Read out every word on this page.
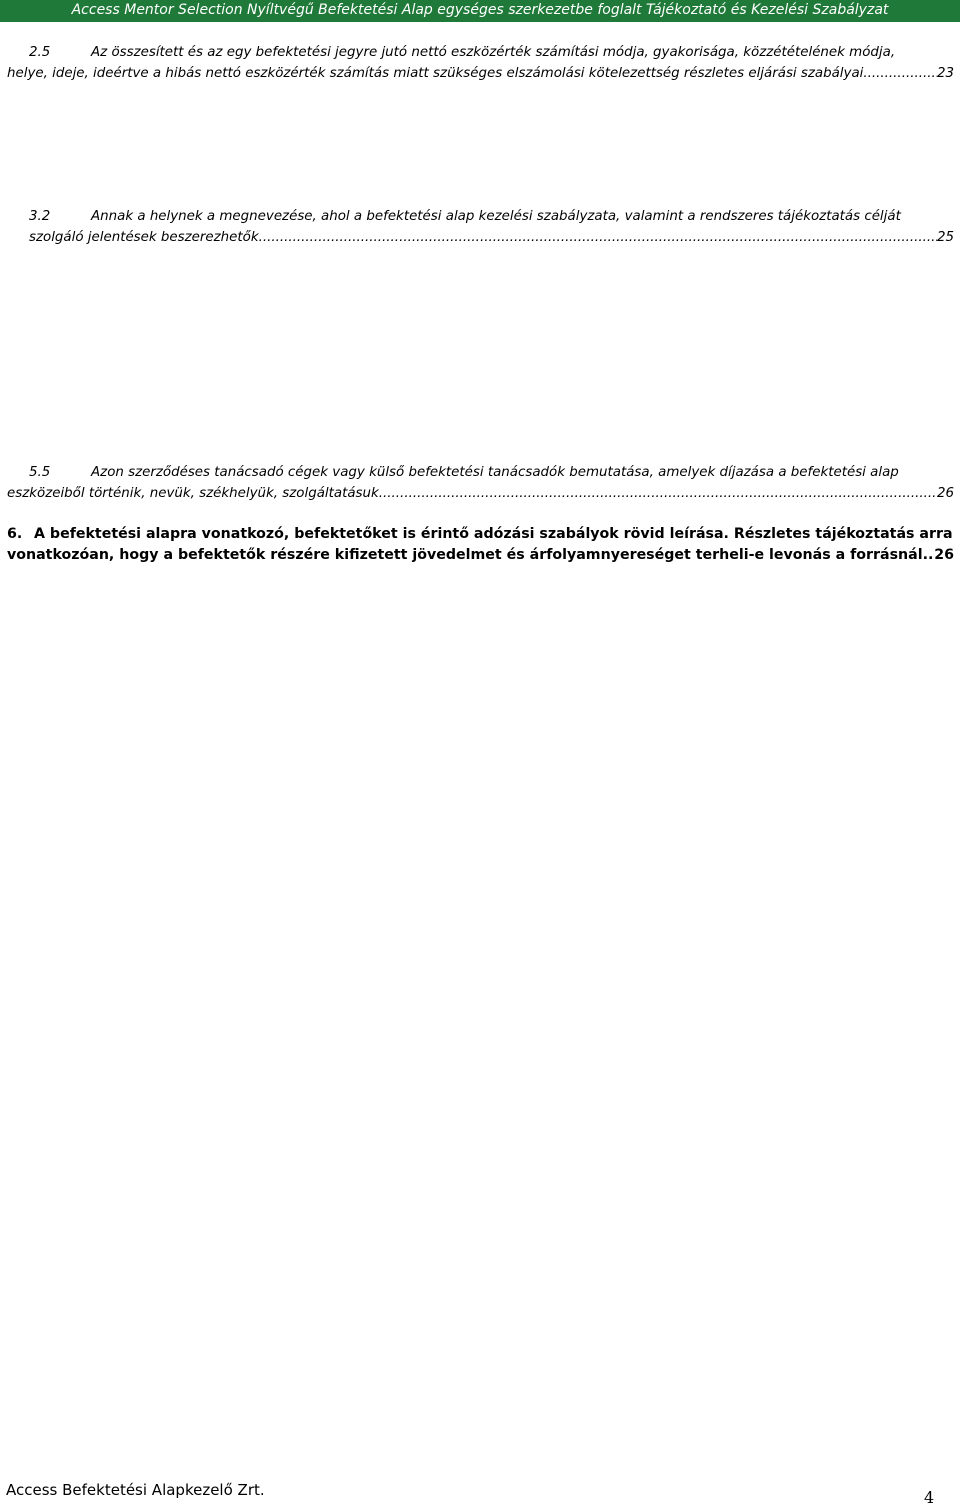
Access Mentor Selection Nyíltvégű Befektetési Alap egységes szerkezetbe foglalt Tájékoztató és Kezelési Szabályzat
2.5	Az összesített és az egy befektetési jegyre jutó nettó eszközérték számítási módja, gyakorisága, közzétételének módja,
helye, ideje, ideértve a hibás nettó eszközérték számítás miatt szükséges elszámolási kötelezettség részletes eljárási szabályai. .....	23
3.2	Annak a helynek a megnevezése, ahol a befektetési alap kezelési szabályzata, valamint a rendszeres tájékoztatás célját
szolgáló jelentések beszerezhetők. .....	25
5.5	Azon szerződéses tanácsadó cégek vagy külső befektetési tanácsadók bemutatása, amelyek díjazása a befektetési alap
eszközeiből történik, nevük, székhelyük, szolgáltatásuk. .....	26
6. A befektetési alapra vonatkozó, befektetőket is érintő adózási szabályok rövid leírása. Részletes tájékoztatás arra
vonatkozóan, hogy a befektetők részére kifizetett jövedelmet és árfolyamnyereséget terheli-e levonás a forrásnál. ..... 26
Access Befektetési Alapkezelő Zrt.	4
